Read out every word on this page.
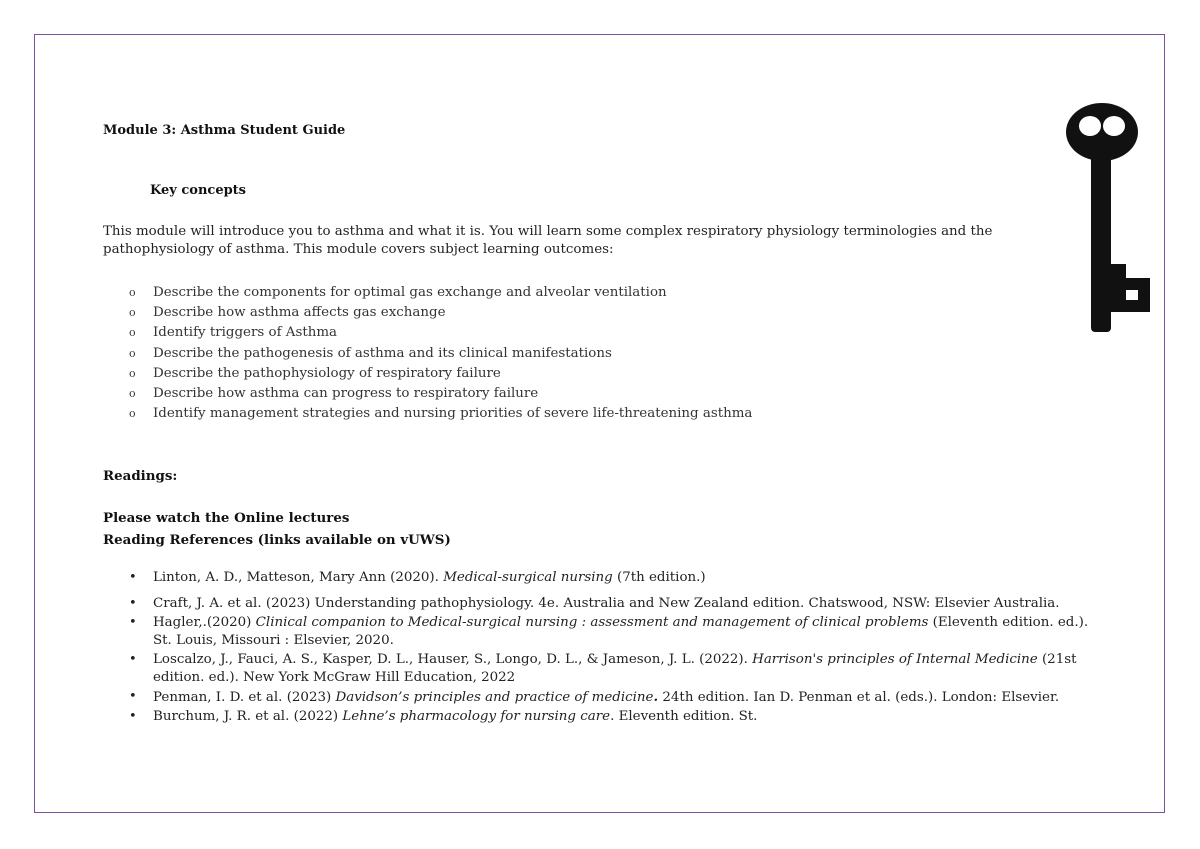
Module 3: Asthma Student Guide

Key concepts

This module will introduce you to asthma and what it is. You will learn some complex respiratory physiology terminologies and the pathophysiology of asthma. This module covers subject learning outcomes:

o Describe the components for optimal gas exchange and alveolar ventilation
o Describe how asthma affects gas exchange
o Identify triggers of Asthma
o Describe the pathogenesis of asthma and its clinical manifestations
o Describe the pathophysiology of respiratory failure
o Describe how asthma can progress to respiratory failure
o Identify management strategies and nursing priorities of severe life-threatening asthma
Readings:
Please watch the Online lectures
Reading References (links available on vUWS)
• Linton, A. D., Matteson, Mary Ann (2020). Medical-surgical nursing (7th edition.)
• Craft, J. A. et al. (2023) Understanding pathophysiology. 4e. Australia and New Zealand edition. Chatswood, NSW: Elsevier Australia.
• Hagler,.(2020) Clinical companion to Medical-surgical nursing : assessment and management of clinical problems (Eleventh edition. ed.). St. Louis, Missouri : Elsevier, 2020.
• Loscalzo, J., Fauci, A. S., Kasper, D. L., Hauser, S., Longo, D. L., & Jameson, J. L. (2022). Harrison's principles of Internal Medicine (21st edition. ed.). New York McGraw Hill Education, 2022
• Penman, I. D. et al. (2023) Davidson’s principles and practice of medicine. 24th edition. Ian D. Penman et al. (eds.). London: Elsevier.
• Burchum, J. R. et al. (2022) Lehne’s pharmacology for nursing care. Eleventh edition. St.
